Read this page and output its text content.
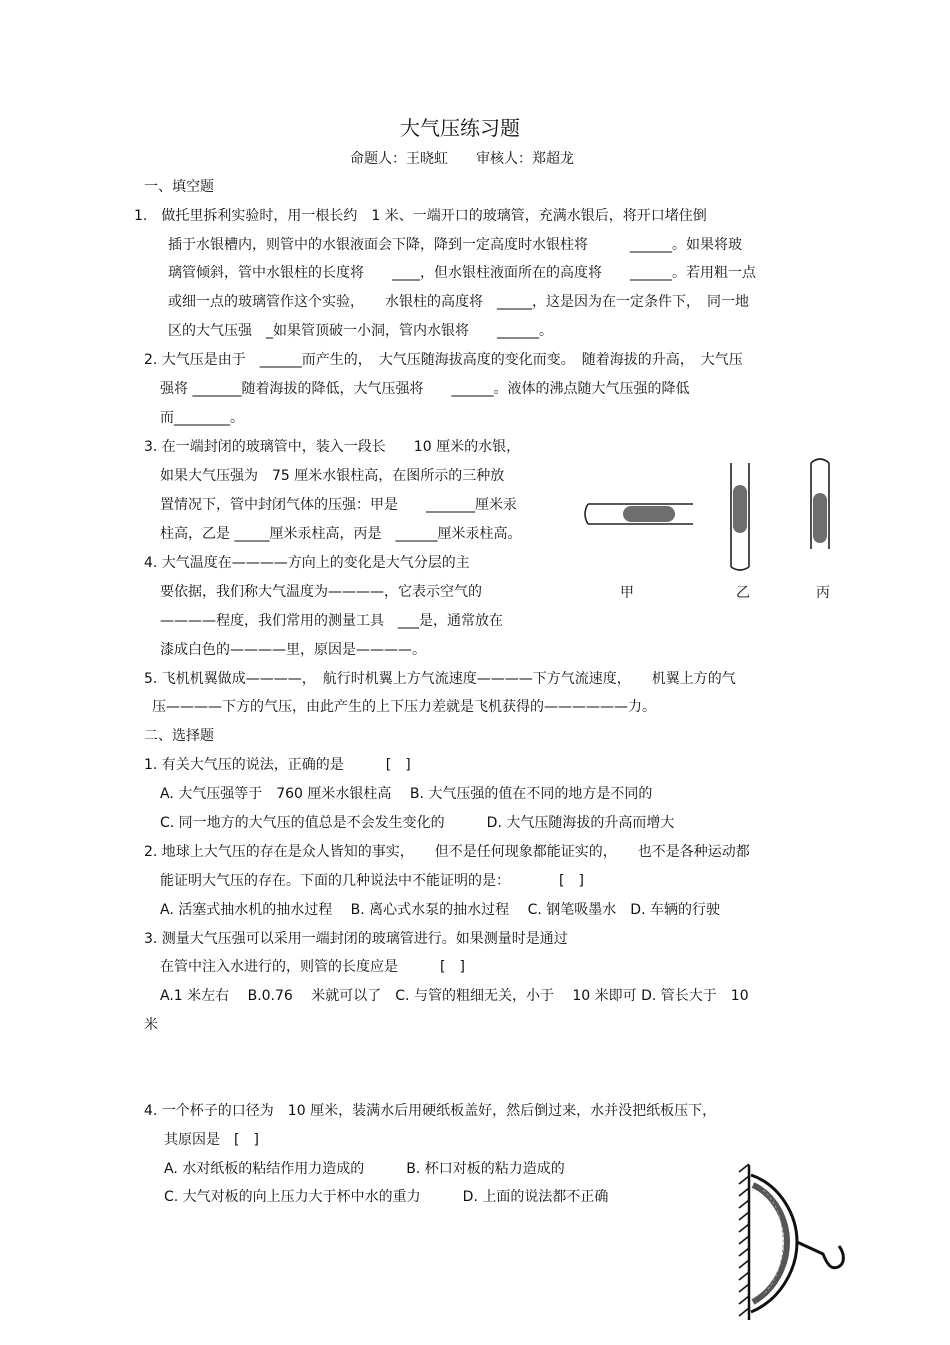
大气压练习题
命题人：王晓虹　　审核人：郑超龙
一、填空题
1.　做托里拆利实验时，用一根长约　1 米、一端开口的玻璃管，充满水银后，将开口堵住倒
插于水银槽内，则管中的水银液面会下降，降到一定高度时水银柱将　　　______。如果将玻
璃管倾斜，管中水银柱的长度将　　____，但水银柱液面所在的高度将　　______。若用粗一点
或细一点的玻璃管作这个实验，　　水银柱的高度将　_____，这是因为在一定条件下，　同一地
区的大气压强　_如果管顶破一小洞，管内水银将　　______。
2. 大气压是由于　______而产生的，　大气压随海拔高度的变化而变。　随着海拔的升高，　大气压
强将 _______随着海拔的降低，大气压强将　　______。液体的沸点随大气压强的降低
而________。
3. 在一端封闭的玻璃管中，装入一段长　　10 厘米的水银，
如果大气压强为　75 厘米水银柱高，在图所示的三种放
置情况下，管中封闭气体的压强：甲是　　_______厘米汞
柱高，乙是 _____厘米汞柱高，丙是　______厘米汞柱高。
4. 大气温度在————方向上的变化是大气分层的主
要依据，我们称大气温度为————，它表示空气的
————程度，我们常用的测量工具　___是，通常放在
漆成白色的————里，原因是————。
5. 飞机机翼做成————，　航行时机翼上方气流速度————下方气流速度，　　机翼上方的气
压————下方的气压，由此产生的上下压力差就是飞机获得的——————力。
甲	乙	丙
二、选择题
1. 有关大气压的说法，正确的是　　　[　]
A. 大气压强等于　760 厘米水银柱高　 B. 大气压强的值在不同的地方是不同的
C. 同一地方的大气压的值总是不会发生变化的　　　D. 大气压随海拔的升高而增大
2. 地球上大气压的存在是众人皆知的事实，　　但不是任何现象都能证实的，　　也不是各种运动都
能证明大气压的存在。下面的几种说法中不能证明的是：　　　　[　]
A. 活塞式抽水机的抽水过程　 B. 离心式水泵的抽水过程　 C. 钢笔吸墨水　D. 车辆的行驶
3. 测量大气压强可以采用一端封闭的玻璃管进行。如果测量时是通过
在管中注入水进行的，则管的长度应是　　　[　]
A.1 米左右　 B.0.76　 米就可以了　C. 与管的粗细无关，小于　 10 米即可 D. 管长大于　10
米
4. 一个杯子的口径为　10 厘米，装满水后用硬纸板盖好，然后倒过来，水并没把纸板压下，
其原因是　[　]
A. 水对纸板的粘结作用力造成的　　　B. 杯口对板的粘力造成的
C. 大气对板的向上压力大于杯中水的重力　　　D. 上面的说法都不正确
